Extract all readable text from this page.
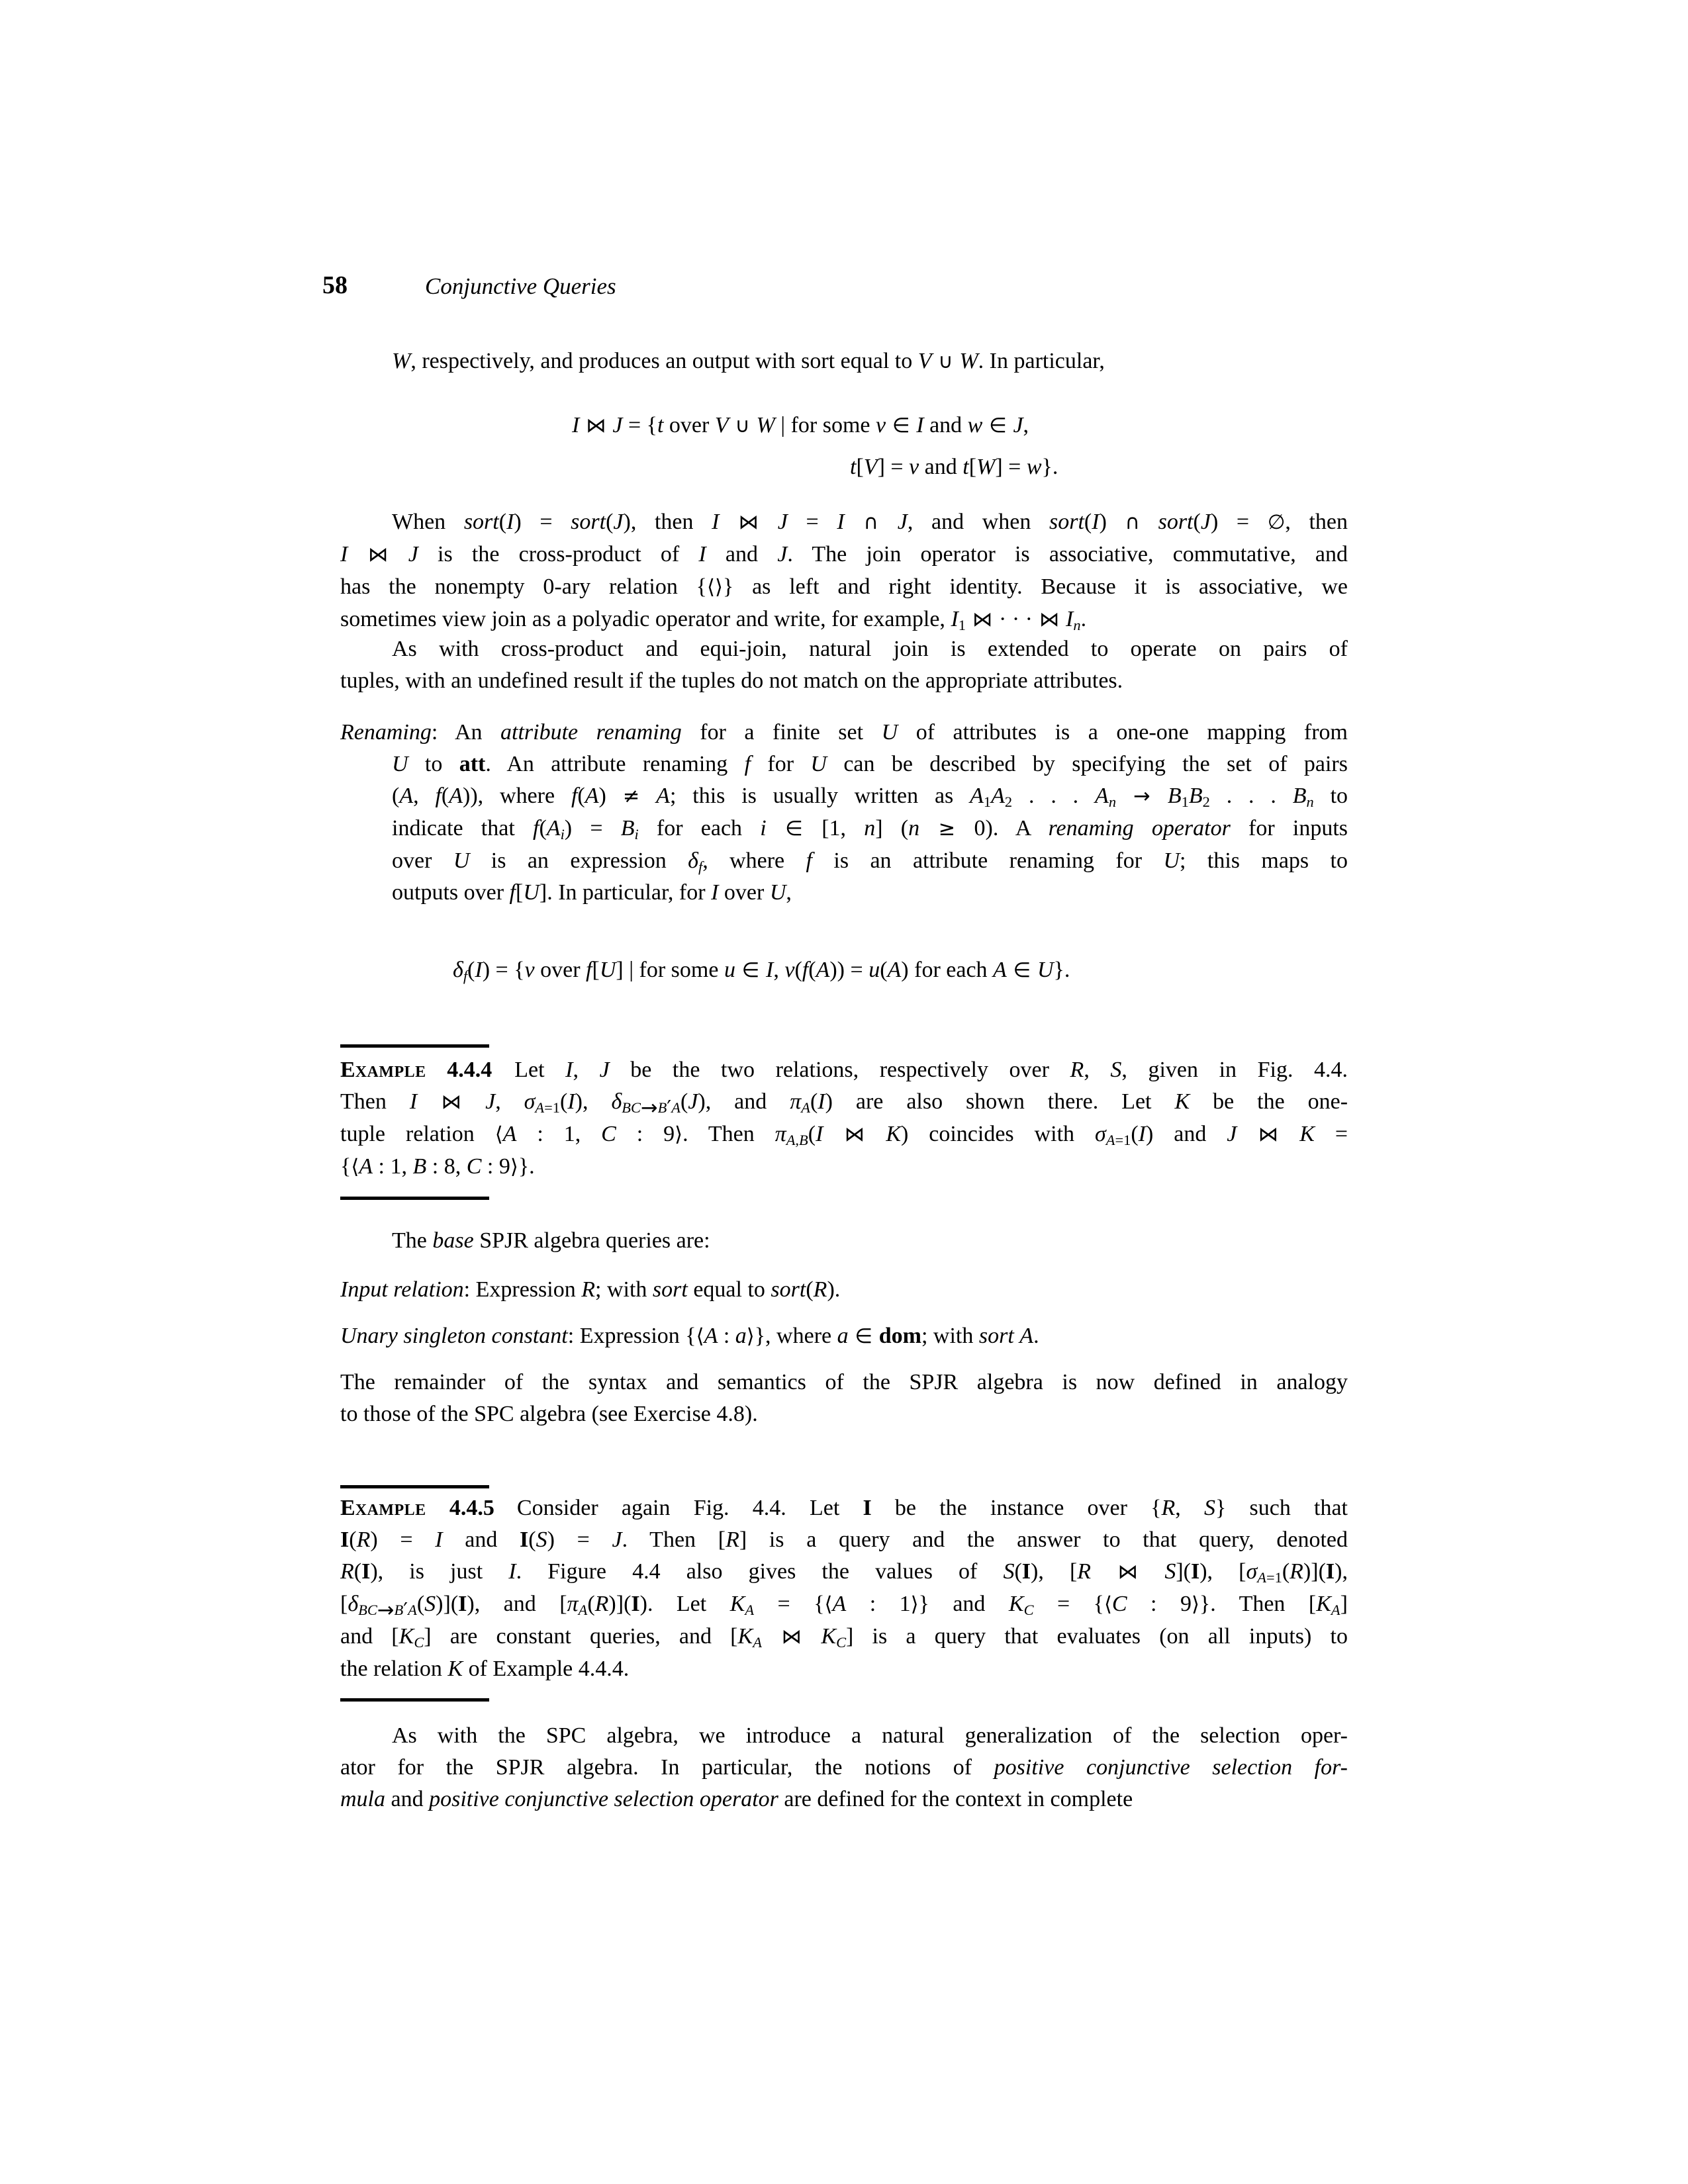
58	Conjunctive Queries
W, respectively, and produces an output with sort equal to V ∪ W. In particular,
I ⋈ J = {t over V ∪ W | for some v ∈ I and w ∈ J,
t[V] = v and t[W] = w}.
When sort(I) = sort(J), then I ⋈ J = I ∩ J, and when sort(I) ∩ sort(J) = ∅, then
I ⋈ J is the cross-product of I and J. The join operator is associative, commutative, and
has the nonempty 0-ary relation {⟨⟩} as left and right identity. Because it is associative, we
sometimes view join as a polyadic operator and write, for example, $I_1$ ⋈ · · · ⋈ $I_n$.
As with cross-product and equi-join, natural join is extended to operate on pairs of
tuples, with an undefined result if the tuples do not match on the appropriate attributes.
Renaming: An attribute renaming for a finite set U of attributes is a one-one mapping from
U to att. An attribute renaming f for U can be described by specifying the set of pairs
(A, f(A)), where f(A) ≠ A; this is usually written as $A_1A_2$ . . . $A_n \to B_1B_2$ . . . $B_n$ to
indicate that $f(A_i) = B_i$ for each i ∈ [1, n] (n ≥ 0). A renaming operator for inputs
over U is an expression $\delta_f$, where f is an attribute renaming for U; this maps to
outputs over f[U]. In particular, for I over U,
$\delta_f(I) = \{v$ over f[U] | for some u ∈ I, v(f(A)) = u(A) for each A ∈ U}.
Example 4.4.4   Let I, J be the two relations, respectively over R, S, given in Fig. 4.4.
Then I ⋈ J, $\sigma_{A=1}(I)$, $\delta_{BC\to B'A}(J)$, and $\pi_A(I)$ are also shown there. Let K be the one-
tuple relation ⟨A : 1, C : 9⟩. Then $\pi_{A,B}(I$ ⋈ K) coincides with $\sigma_{A=1}(I)$ and J ⋈ K =
{⟨A : 1, B : 8, C : 9⟩}.
The base SPJR algebra queries are:
Input relation: Expression R; with sort equal to sort(R).
Unary singleton constant: Expression {⟨A : a⟩}, where a ∈ dom; with sort A.
The remainder of the syntax and semantics of the SPJR algebra is now defined in analogy
to those of the SPC algebra (see Exercise 4.8).
Example 4.4.5   Consider again Fig. 4.4. Let I be the instance over {R, S} such that
I(R) = I and I(S) = J. Then [R] is a query and the answer to that query, denoted
R(I), is just I. Figure 4.4 also gives the values of S(I), [R ⋈ S](I), $[\sigma_{A=1}(R)](I)$,
$[\delta_{BC\to B'A}(S)](I)$, and $[\pi_A(R)](I)$. Let $K_A$ = {⟨A : 1⟩} and $K_C$ = {⟨C : 9⟩}. Then $[K_A]$
and $[K_C]$ are constant queries, and [$K_A$ ⋈ $K_C$] is a query that evaluates (on all inputs) to
the relation K of Example 4.4.4.
As with the SPC algebra, we introduce a natural generalization of the selection oper-
ator for the SPJR algebra. In particular, the notions of positive conjunctive selection for-
mula and positive conjunctive selection operator are defined for the context in complete
